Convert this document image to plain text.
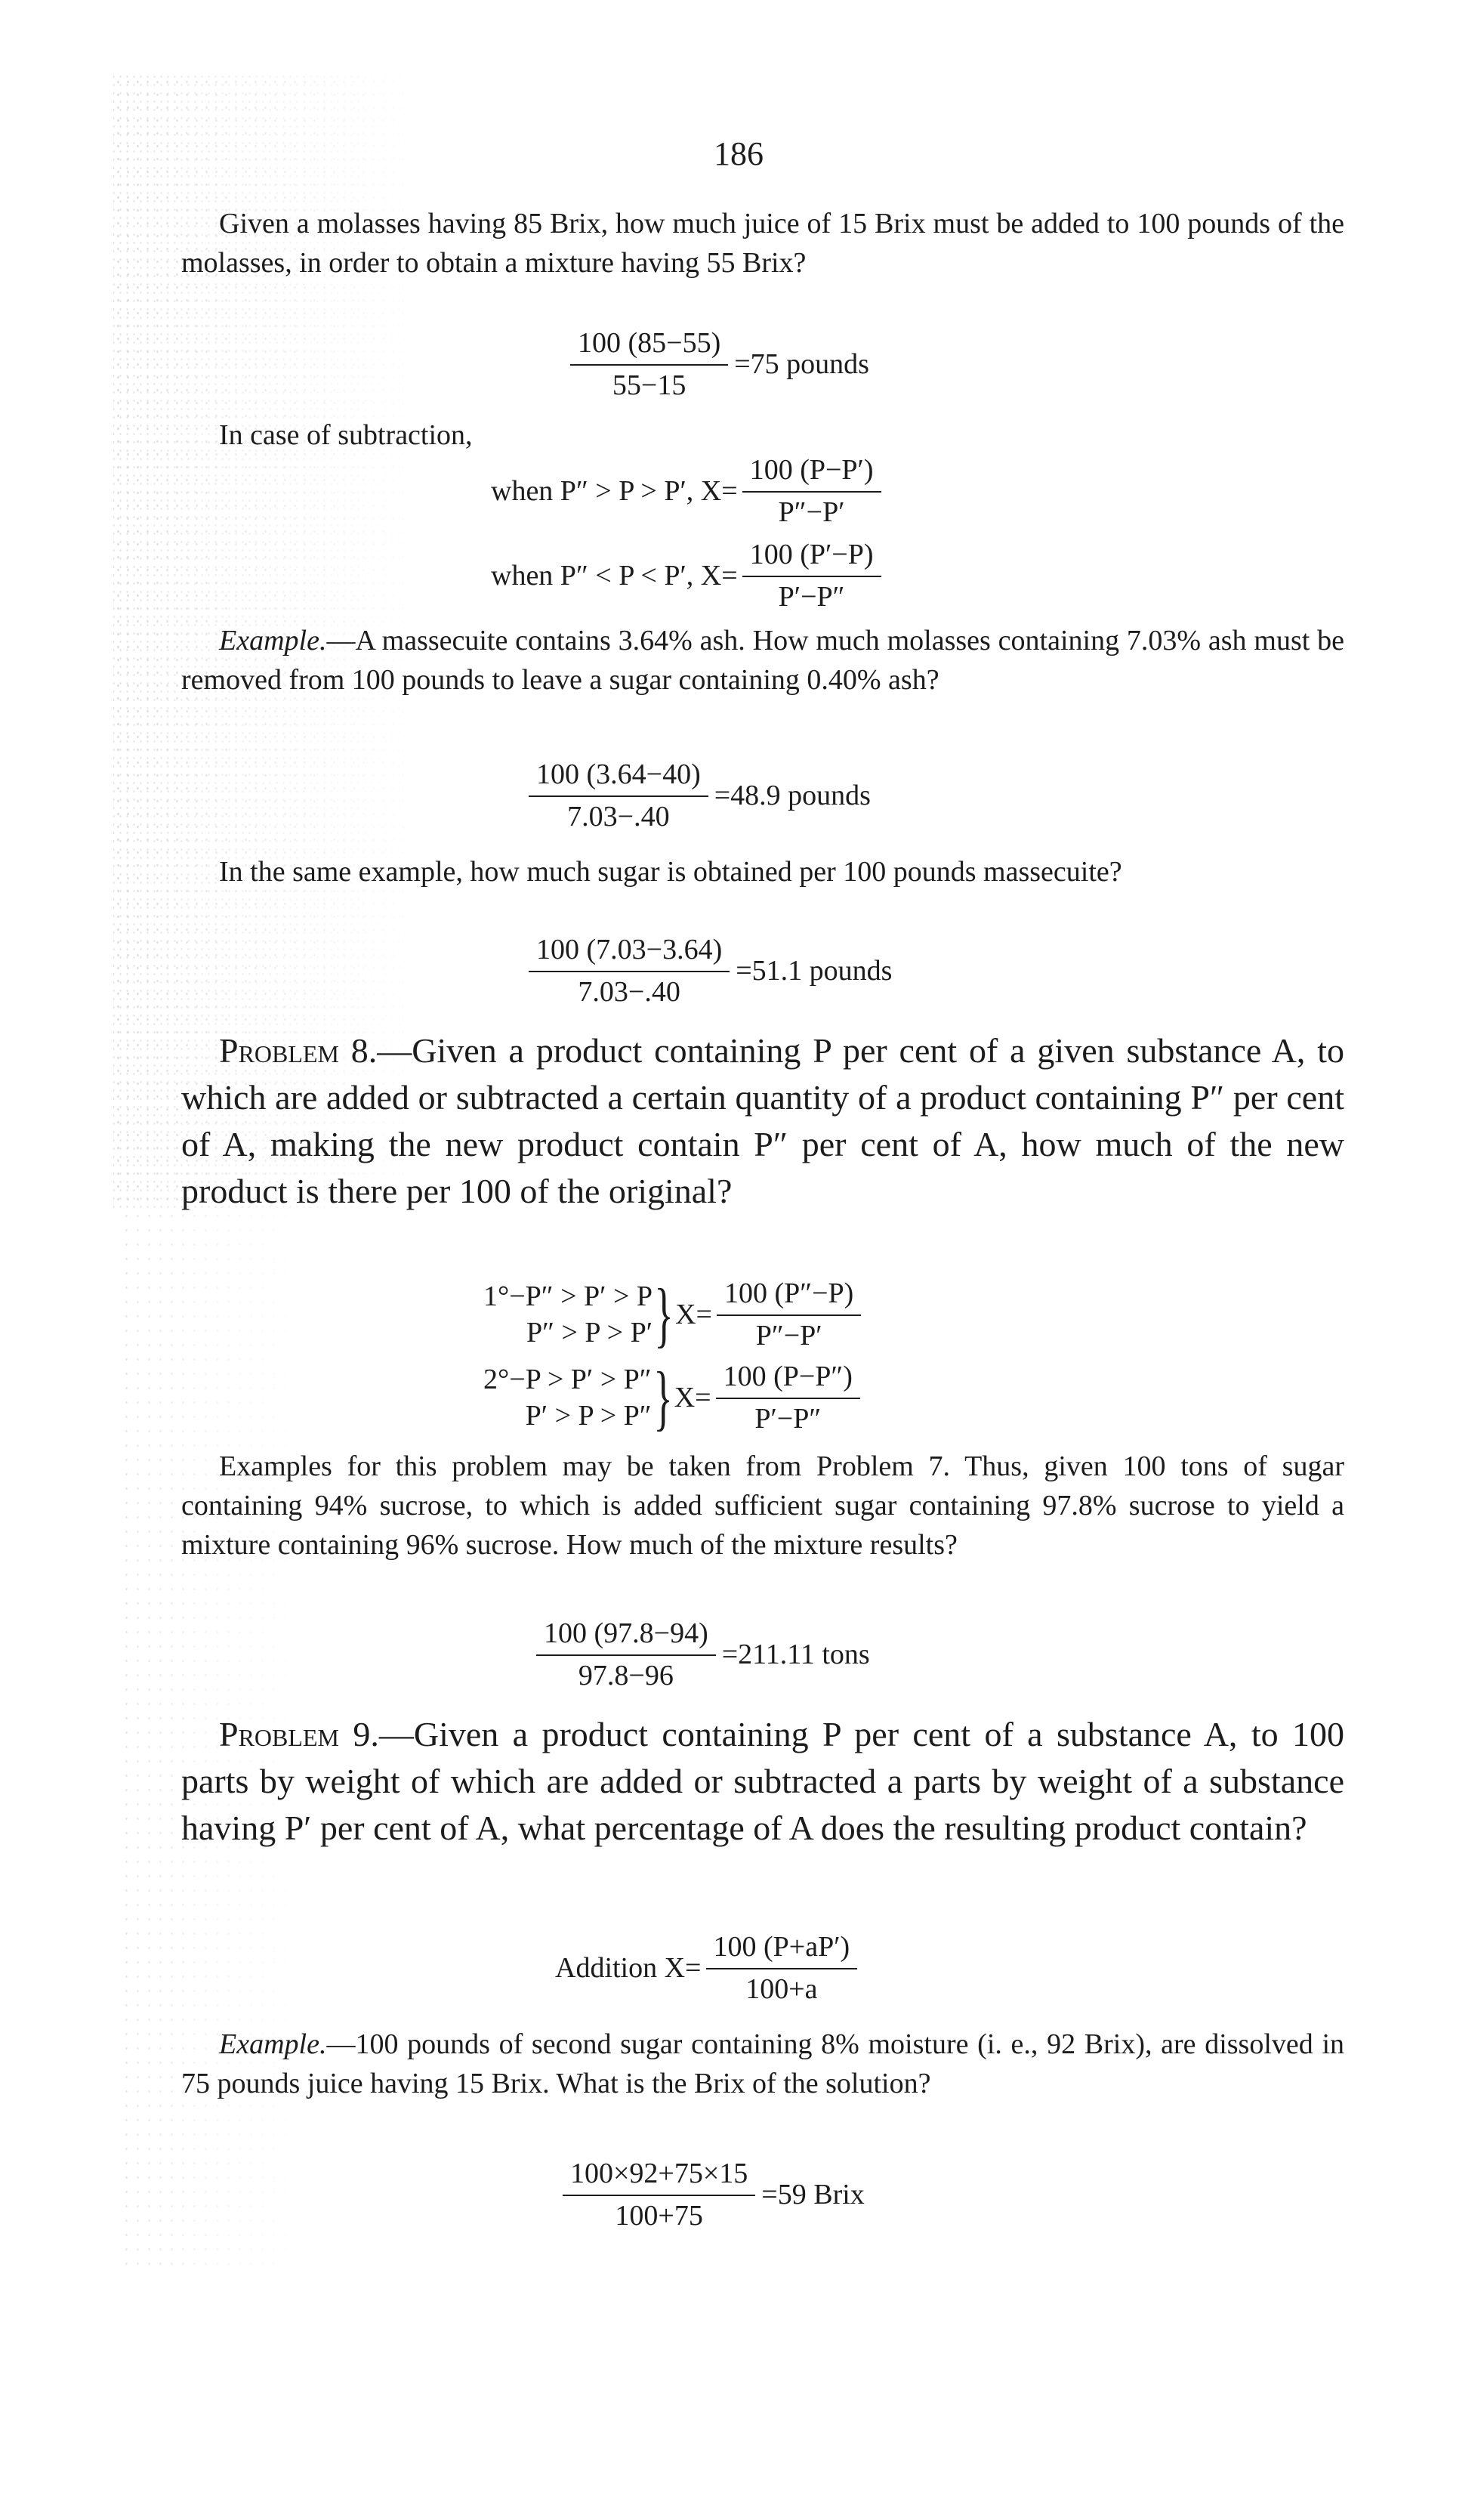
186

Given a molasses having 85 Brix, how much juice of 15 Brix must be added to 100 pounds of the molasses, in order to obtain a mixture having 55 Brix?

$\frac{100 (85-55)}{55-15} =75$ pounds

In case of subtraction,

when P″ > P > P′, $X= \frac{100 (P-P')}{P''-P'}$
when P″ < P < P′, $X= \frac{100 (P'-P)}{P'-P''}$

Example.—A massecuite contains 3.64% ash. How much molasses containing 7.03% ash must be removed from 100 pounds to leave a sugar containing 0.40% ash?

$\frac{100 (3.64-40)}{7.03-.40} =48.9$ pounds

In the same example, how much sugar is obtained per 100 pounds massecuite?

$\frac{100 (7.03-3.64)}{7.03-.40} =51.1$ pounds

Problem 8.—Given a product containing P per cent of a given substance A, to which are added or subtracted a certain quantity of a product containing P″ per cent of A, making the new product contain P″ per cent of A, how much of the new product is there per 100 of the original?

1°−P″ > P′ > P
$P'' > P > P'\}X= \frac{100 (P''-P)}{P''-P'}$
2°−P > P′ > P″
$P' > P > P''\}X= \frac{100 (P-P'')}{P'-P''}$

Examples for this problem may be taken from Problem 7. Thus, given 100 tons of sugar containing 94% sucrose, to which is added sufficient sugar containing 97.8% sucrose to yield a mixture containing 96% sucrose. How much of the mixture results?

$\frac{100 (97.8-94)}{97.8-96} =211.11$ tons

Problem 9.—Given a product containing P per cent of a substance A, to 100 parts by weight of which are added or subtracted a parts by weight of a substance having P′ per cent of A, what percentage of A does the resulting product contain?

Addition $X= \frac{100 (P+aP')}{100+a}$

Example.—100 pounds of second sugar containing 8% moisture (i. e., 92 Brix), are dissolved in 75 pounds juice having 15 Brix. What is the Brix of the solution?

$\frac{100\times 92+75\times 15}{100+75} =59$ Brix
